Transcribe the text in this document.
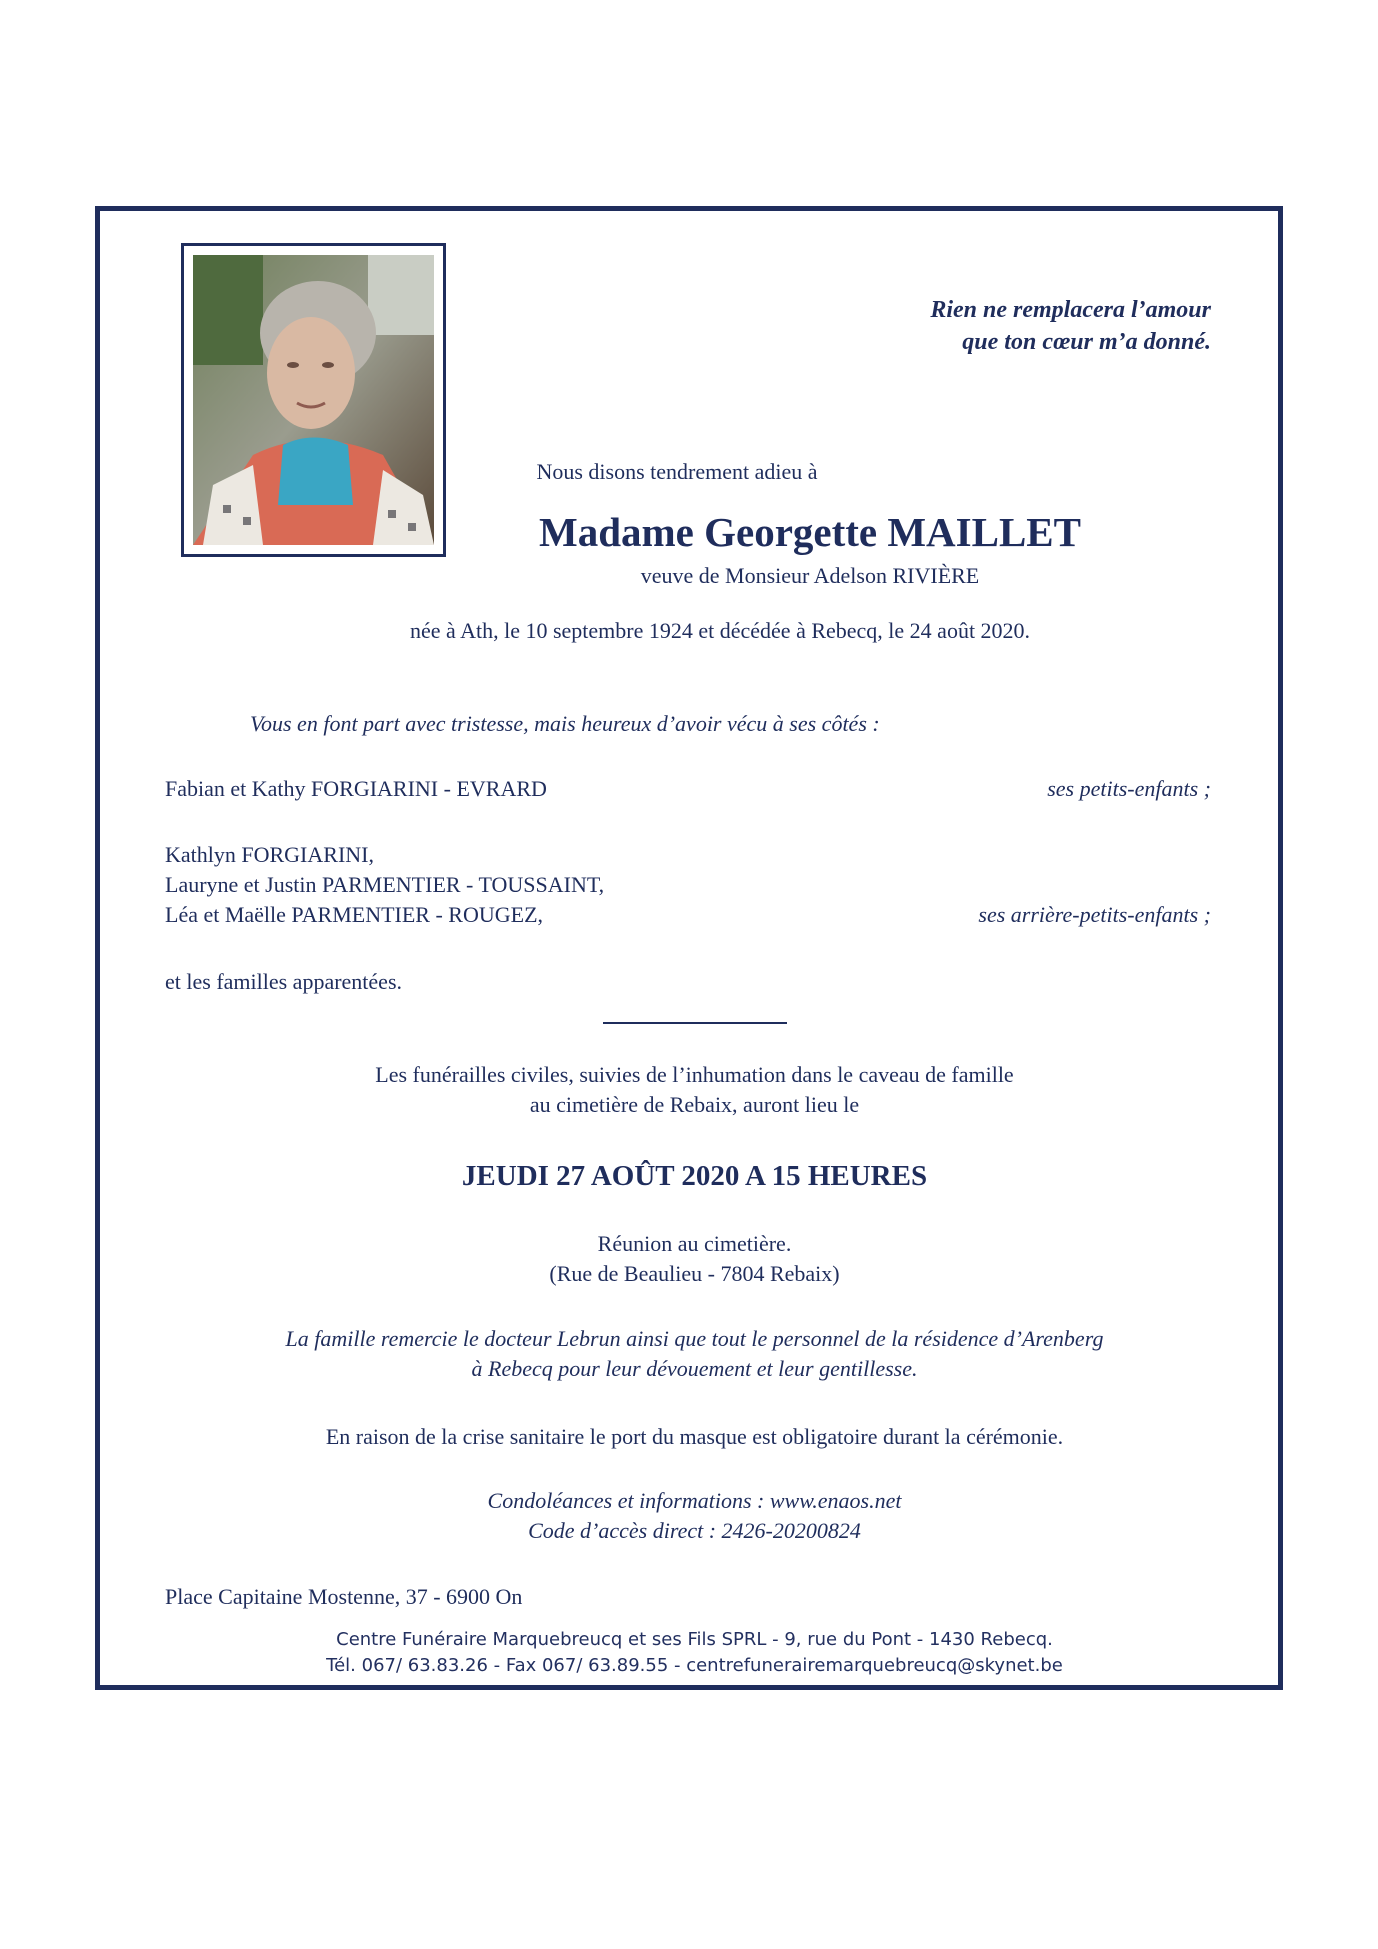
Rien ne remplacera l’amour
que ton cœur m’a donné.
Nous disons tendrement adieu à
Madame Georgette MAILLET
veuve de Monsieur Adelson RIVIÈRE
née à Ath, le 10 septembre 1924 et décédée à Rebecq, le 24 août 2020.
Vous en font part avec tristesse, mais heureux d’avoir vécu à ses côtés :
Fabian et Kathy FORGIARINI - EVRARD	ses petits-enfants ;
Kathlyn FORGIARINI,
Lauryne et Justin PARMENTIER - TOUSSAINT,
Léa et Maëlle PARMENTIER - ROUGEZ,	ses arrière-petits-enfants ;
et les familles apparentées.
Les funérailles civiles, suivies de l’inhumation dans le caveau de famille
au cimetière de Rebaix, auront lieu le
JEUDI 27 AOÛT 2020 A 15 HEURES
Réunion au cimetière.
(Rue de Beaulieu - 7804 Rebaix)
La famille remercie le docteur Lebrun ainsi que tout le personnel de la résidence d’Arenberg
à Rebecq pour leur dévouement et leur gentillesse.
En raison de la crise sanitaire le port du masque est obligatoire durant la cérémonie.
Condoléances et informations : www.enaos.net
Code d’accès direct : 2426-20200824
Place Capitaine Mostenne, 37 - 6900 On
Centre Funéraire Marquebreucq et ses Fils SPRL - 9, rue du Pont - 1430 Rebecq.
Tél. 067/ 63.83.26 - Fax 067/ 63.89.55 - centrefunerairemarquebreucq@skynet.be
